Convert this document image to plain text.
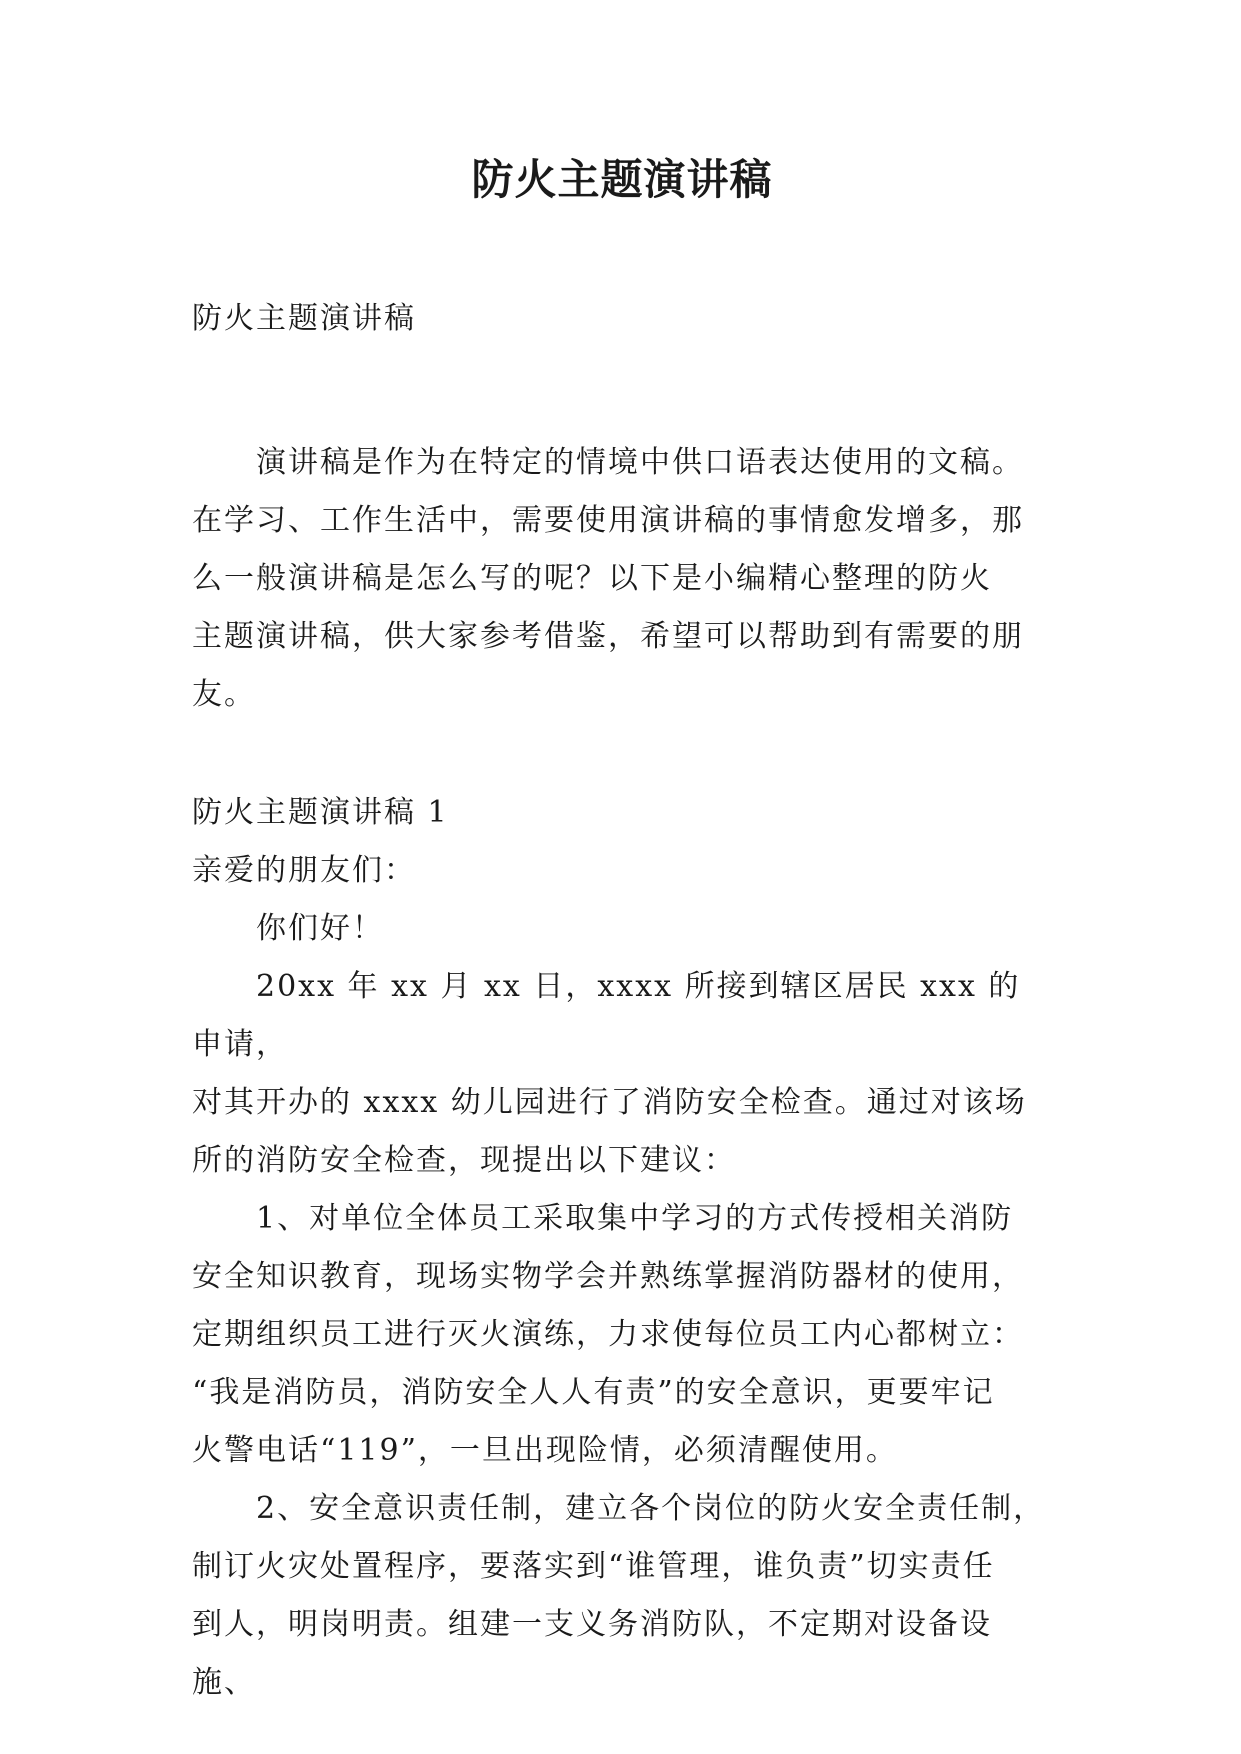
防火主题演讲稿

防火主题演讲稿

演讲稿是作为在特定的情境中供口语表达使用的文稿。

在学习、工作生活中，需要使用演讲稿的事情愈发增多，那

么一般演讲稿是怎么写的呢？以下是小编精心整理的防火

主题演讲稿，供大家参考借鉴，希望可以帮助到有需要的朋

友。

防火主题演讲稿 1

亲爱的朋友们：

你们好！

20xx 年 xx 月 xx 日，xxxx 所接到辖区居民 xxx 的申请，

对其开办的 xxxx 幼儿园进行了消防安全检查。通过对该场

所的消防安全检查，现提出以下建议：

1、对单位全体员工采取集中学习的方式传授相关消防

安全知识教育，现场实物学会并熟练掌握消防器材的使用，

定期组织员工进行灭火演练，力求使每位员工内心都树立：

“我是消防员，消防安全人人有责”的安全意识，更要牢记

火警电话“119”，一旦出现险情，必须清醒使用。

2、安全意识责任制，建立各个岗位的防火安全责任制，

制订火灾处置程序，要落实到“谁管理，谁负责”切实责任

到人，明岗明责。组建一支义务消防队，不定期对设备设施、
